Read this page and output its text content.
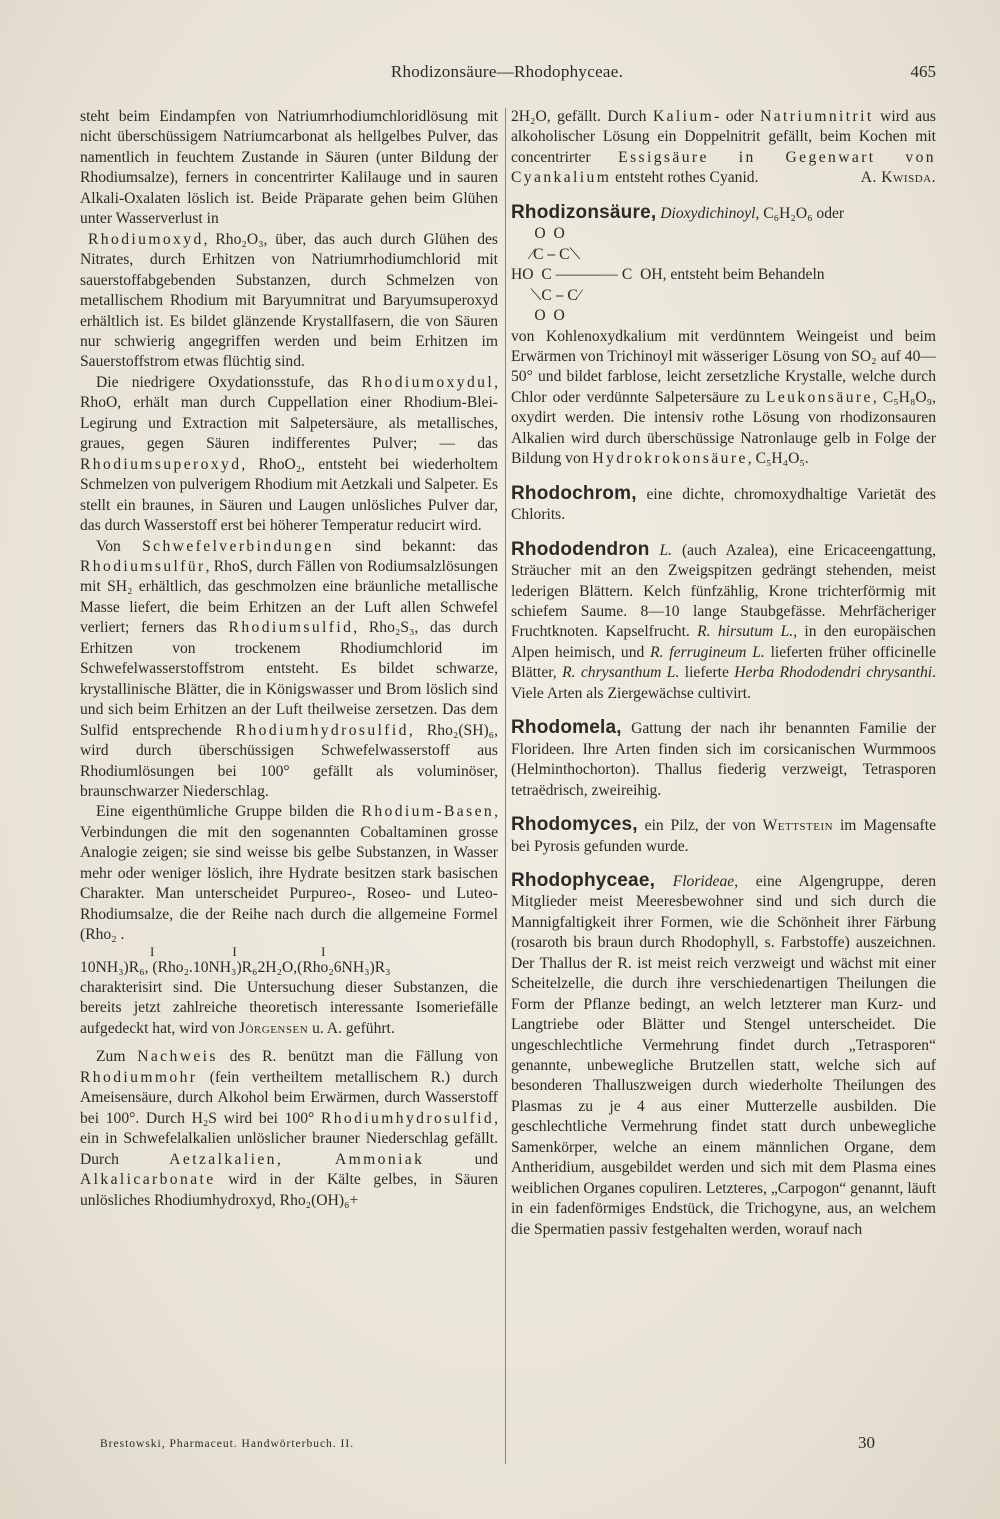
Rhodizonsäure—Rhodophyceae.	465

steht beim Eindampfen von Natriumrhodiumchloridlösung mit nicht überschüssigem Natriumcarbonat als hellgelbes Pulver, das namentlich in feuchtem Zustande in Säuren (unter Bildung der Rhodiumsalze), ferners in concentrirter Kalilauge und in sauren Alkali-Oxalaten löslich ist. Beide Präparate gehen beim Glühen unter Wasserverlust in

Rhodiumoxyd, Rho₂O₃, über, das auch durch Glühen des Nitrates, durch Erhitzen von Natriumrhodiumchlorid mit sauerstoffabgebenden Substanzen, durch Schmelzen von metallischem Rhodium mit Baryumnitrat und Baryumsuperoxyd erhältlich ist. Es bildet glänzende Krystallfasern, die von Säuren nur schwierig angegriffen werden und beim Erhitzen im Sauerstoffstrom etwas flüchtig sind.

Die niedrigere Oxydationsstufe, das Rhodiumoxydul, RhoO, erhält man durch Cuppellation einer Rhodium-Blei-Legirung und Extraction mit Salpetersäure, als metallisches, graues, gegen Säuren indifferentes Pulver; — das Rhodiumsuperoxyd, RhoO₂, entsteht bei wiederholtem Schmelzen von pulverigem Rhodium mit Aetzkali und Salpeter. Es stellt ein braunes, in Säuren und Laugen unlösliches Pulver dar, das durch Wasserstoff erst bei höherer Temperatur reducirt wird.

Von Schwefelverbindungen sind bekannt: das Rhodiumsulfür, RhoS, durch Fällen von Rodiumsalzlösungen mit SH₂ erhältlich, das geschmolzen eine bräunliche metallische Masse liefert, die beim Erhitzen an der Luft allen Schwefel verliert; ferners das Rhodiumsulfid, Rho₂S₃, das durch Erhitzen von trockenem Rhodiumchlorid im Schwefelwasserstoffstrom entsteht. Es bildet schwarze, krystallinische Blätter, die in Königswasser und Brom löslich sind und sich beim Erhitzen an der Luft theilweise zersetzen. Das dem Sulfid entsprechende Rhodiumhydrosulfid, Rho₂(SH)₆, wird durch überschüssigen Schwefelwasserstoff aus Rhodiumlösungen bei 100° gefällt als voluminöser, braunschwarzer Niederschlag.

Eine eigenthümliche Gruppe bilden die Rhodium-Basen, Verbindungen die mit den sogenannten Cobaltaminen grosse Analogie zeigen; sie sind weisse bis gelbe Substanzen, in Wasser mehr oder weniger löslich, ihre Hydrate besitzen stark basischen Charakter. Man unterscheidet Purpureo-, Roseo- und Luteo-Rhodiumsalze, die der Reihe nach durch die allgemeine Formel (Rho₂ .

I                        I                          I
10NH₃)R₆, (Rho₂.10NH₃)R₆2H₂O,(Rho₂6NH₃)R₃

charakterisirt sind. Die Untersuchung dieser Substanzen, die bereits jetzt zahlreiche theoretisch interessante Isomeriefälle aufgedeckt hat, wird von Jörgensen u. A. geführt.

Zum Nachweis des R. benützt man die Fällung von Rhodiummohr (fein vertheiltem metallischem R.) durch Ameisensäure, durch Alkohol beim Erwärmen, durch Wasserstoff bei 100°. Durch H₂S wird bei 100° Rhodiumhydrosulfid, ein in Schwefelalkalien unlöslicher brauner Niederschlag gefällt. Durch Aetzalkalien, Ammoniak und Alkalicarbonate wird in der Kälte gelbes, in Säuren unlösliches Rhodiumhydroxyd, Rho₂(OH)₆+

2H₂O, gefällt. Durch Kalium- oder Natriumnitrit wird aus alkoholischer Lösung ein Doppelnitrit gefällt, beim Kochen mit concentrirter Essigsäure in Gegenwart von Cyankalium entsteht rothes Cyanid.	A. Kwisda.

Rhodizonsäure, Dioxydichinoyl, C₆H₂O₆ oder

O  O
⁄C ⎯ C⟍
HO  C ———— C  OH, entsteht beim Behandeln
⟍C ⎯ C⁄
O  O

von Kohlenoxydkalium mit verdünntem Weingeist und beim Erwärmen von Trichinoyl mit wässeriger Lösung von SO₂ auf 40—50° und bildet farblose, leicht zersetzliche Krystalle, welche durch Chlor oder verdünnte Salpetersäure zu Leukonsäure, C₅H₈O₉, oxydirt werden. Die intensiv rothe Lösung von rhodizonsauren Alkalien wird durch überschüssige Natronlauge gelb in Folge der Bildung von Hydrokrokonsäure, C₅H₄O₅.

Rhodochrom, eine dichte, chromoxydhaltige Varietät des Chlorits.

Rhododendron L. (auch Azalea), eine Ericaceengattung, Sträucher mit an den Zweigspitzen gedrängt stehenden, meist lederigen Blättern. Kelch fünfzählig, Krone trichterförmig mit schiefem Saume. 8—10 lange Staubgefässe. Mehrfächeriger Fruchtknoten. Kapselfrucht. R. hirsutum L., in den europäischen Alpen heimisch, und R. ferrugineum L. lieferten früher officinelle Blätter, R. chrysanthum L. lieferte Herba Rhododendri chrysanthi. Viele Arten als Ziergewächse cultivirt.

Rhodomela, Gattung der nach ihr benannten Familie der Florideen. Ihre Arten finden sich im corsicanischen Wurmmoos (Helminthochorton). Thallus fiederig verzweigt, Tetrasporen tetraëdrisch, zweireihig.

Rhodomyces, ein Pilz, der von Wettstein im Magensafte bei Pyrosis gefunden wurde.

Rhodophyceae, Florideae, eine Algengruppe, deren Mitglieder meist Meeresbewohner sind und sich durch die Mannigfaltigkeit ihrer Formen, wie die Schönheit ihrer Färbung (rosaroth bis braun durch Rhodophyll, s. Farbstoffe) auszeichnen. Der Thallus der R. ist meist reich verzweigt und wächst mit einer Scheitelzelle, die durch ihre verschiedenartigen Theilungen die Form der Pflanze bedingt, an welch letzterer man Kurz- und Langtriebe oder Blätter und Stengel unterscheidet. Die ungeschlechtliche Vermehrung findet durch „Tetrasporen“ genannte, unbewegliche Brutzellen statt, welche sich auf besonderen Thalluszweigen durch wiederholte Theilungen des Plasmas zu je 4 aus einer Mutterzelle ausbilden. Die geschlechtliche Vermehrung findet statt durch unbewegliche Samenkörper, welche an einem männlichen Organe, dem Antheridium, ausgebildet werden und sich mit dem Plasma eines weiblichen Organes copuliren. Letzteres, „Carpogon“ genannt, läuft in ein fadenförmiges Endstück, die Trichogyne, aus, an welchem die Spermatien passiv festgehalten werden, worauf nach

Brestowski, Pharmaceut. Handwörterbuch. II.	30
